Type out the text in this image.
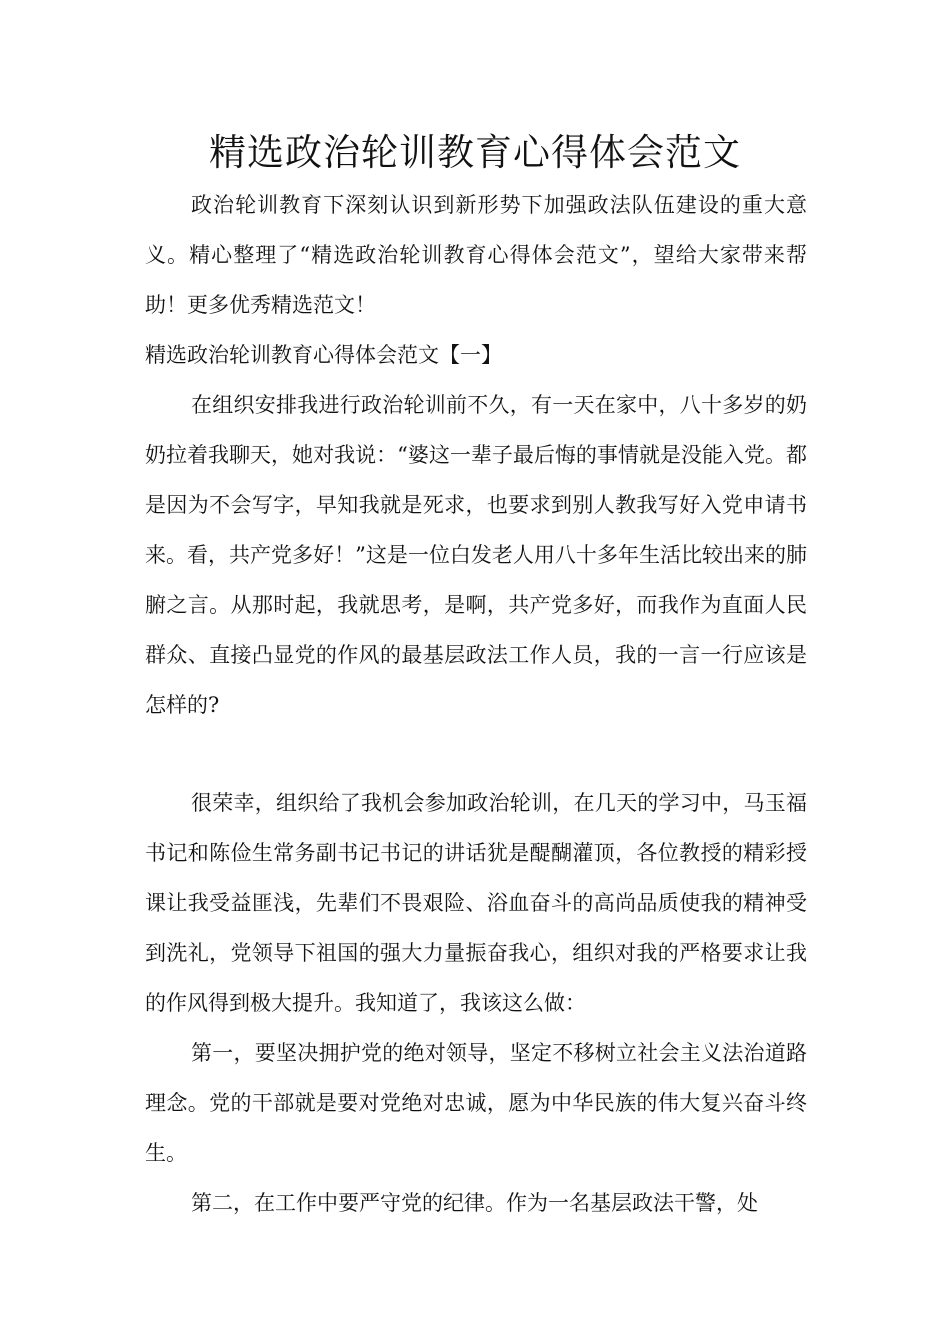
精选政治轮训教育心得体会范文

政治轮训教育下深刻认识到新形势下加强政法队伍建设的重大意义。精心整理了“精选政治轮训教育心得体会范文”，望给大家带来帮助！更多优秀精选范文！

精选政治轮训教育心得体会范文【一】

在组织安排我进行政治轮训前不久，有一天在家中，八十多岁的奶奶拉着我聊天，她对我说：“婆这一辈子最后悔的事情就是没能入党。都是因为不会写字，早知我就是死求，也要求到别人教我写好入党申请书来。看，共产党多好！”这是一位白发老人用八十多年生活比较出来的肺腑之言。从那时起，我就思考，是啊，共产党多好，而我作为直面人民群众、直接凸显党的作风的最基层政法工作人员，我的一言一行应该是怎样的?

很荣幸，组织给了我机会参加政治轮训，在几天的学习中，马玉福书记和陈俭生常务副书记书记的讲话犹是醍醐灌顶，各位教授的精彩授课让我受益匪浅，先辈们不畏艰险、浴血奋斗的高尚品质使我的精神受到洗礼，党领导下祖国的强大力量振奋我心，组织对我的严格要求让我的作风得到极大提升。我知道了，我该这么做：

第一，要坚决拥护党的绝对领导，坚定不移树立社会主义法治道路理念。党的干部就是要对党绝对忠诚，愿为中华民族的伟大复兴奋斗终生。

第二，在工作中要严守党的纪律。作为一名基层政法干警，处
